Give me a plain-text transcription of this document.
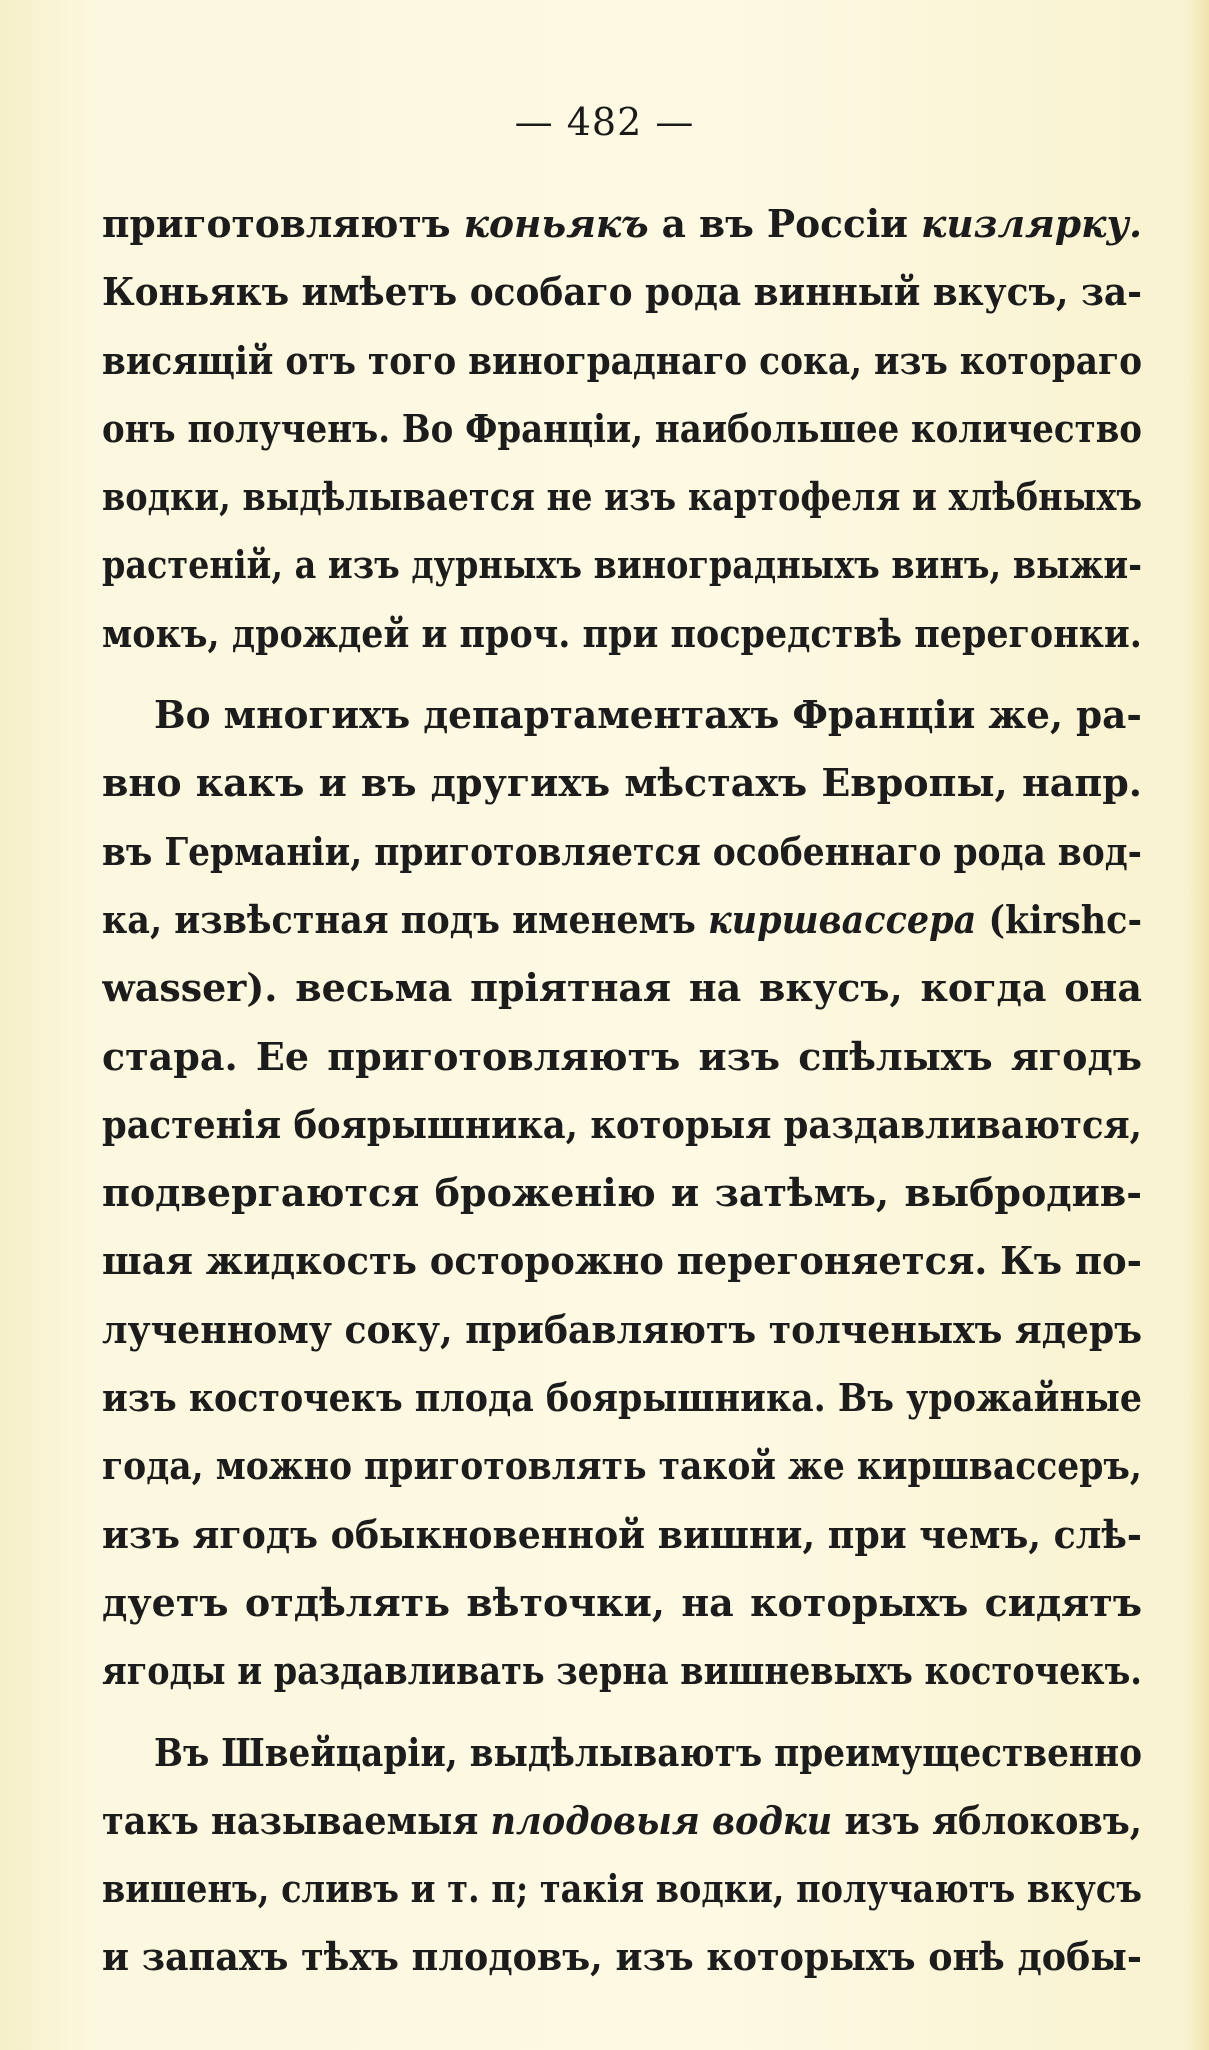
— 482 —
приготовляютъ коньякъ а въ Россіи кизлярку.
Коньякъ имѣетъ особаго рода винный вкусъ, за-
висящій отъ того винограднаго сока, изъ котораго
онъ полученъ. Во Франціи, наибольшее количество
водки, выдѣлывается не изъ картофеля и хлѣбныхъ
растеній, а изъ дурныхъ виноградныхъ винъ, выжи-
мокъ, дрождей и проч. при посредствѣ перегонки.
Во многихъ департаментахъ Франціи же, ра-
вно какъ и въ другихъ мѣстахъ Европы, напр.
въ Германіи, приготовляется особеннаго рода вод-
ка, извѣстная подъ именемъ киршвассера (kirshc-
wasser). весьма пріятная на вкусъ, когда она
стара. Ее приготовляютъ изъ спѣлыхъ ягодъ
растенія боярышника, которыя раздавливаются,
подвергаются броженію и затѣмъ, выбродив-
шая жидкость осторожно перегоняется. Къ по-
лученному соку, прибавляютъ толченыхъ ядеръ
изъ косточекъ плода боярышника. Въ урожайные
года, можно приготовлять такой же киршвассеръ,
изъ ягодъ обыкновенной вишни, при чемъ, слѣ-
дуетъ отдѣлять вѣточки, на которыхъ сидятъ
ягоды и раздавливать зерна вишневыхъ косточекъ.
Въ Швейцаріи, выдѣлываютъ преимущественно
такъ называемыя плодовыя водки изъ яблоковъ,
вишенъ, сливъ и т. п; такія водки, получаютъ вкусъ
и запахъ тѣхъ плодовъ, изъ которыхъ онѣ добы-
